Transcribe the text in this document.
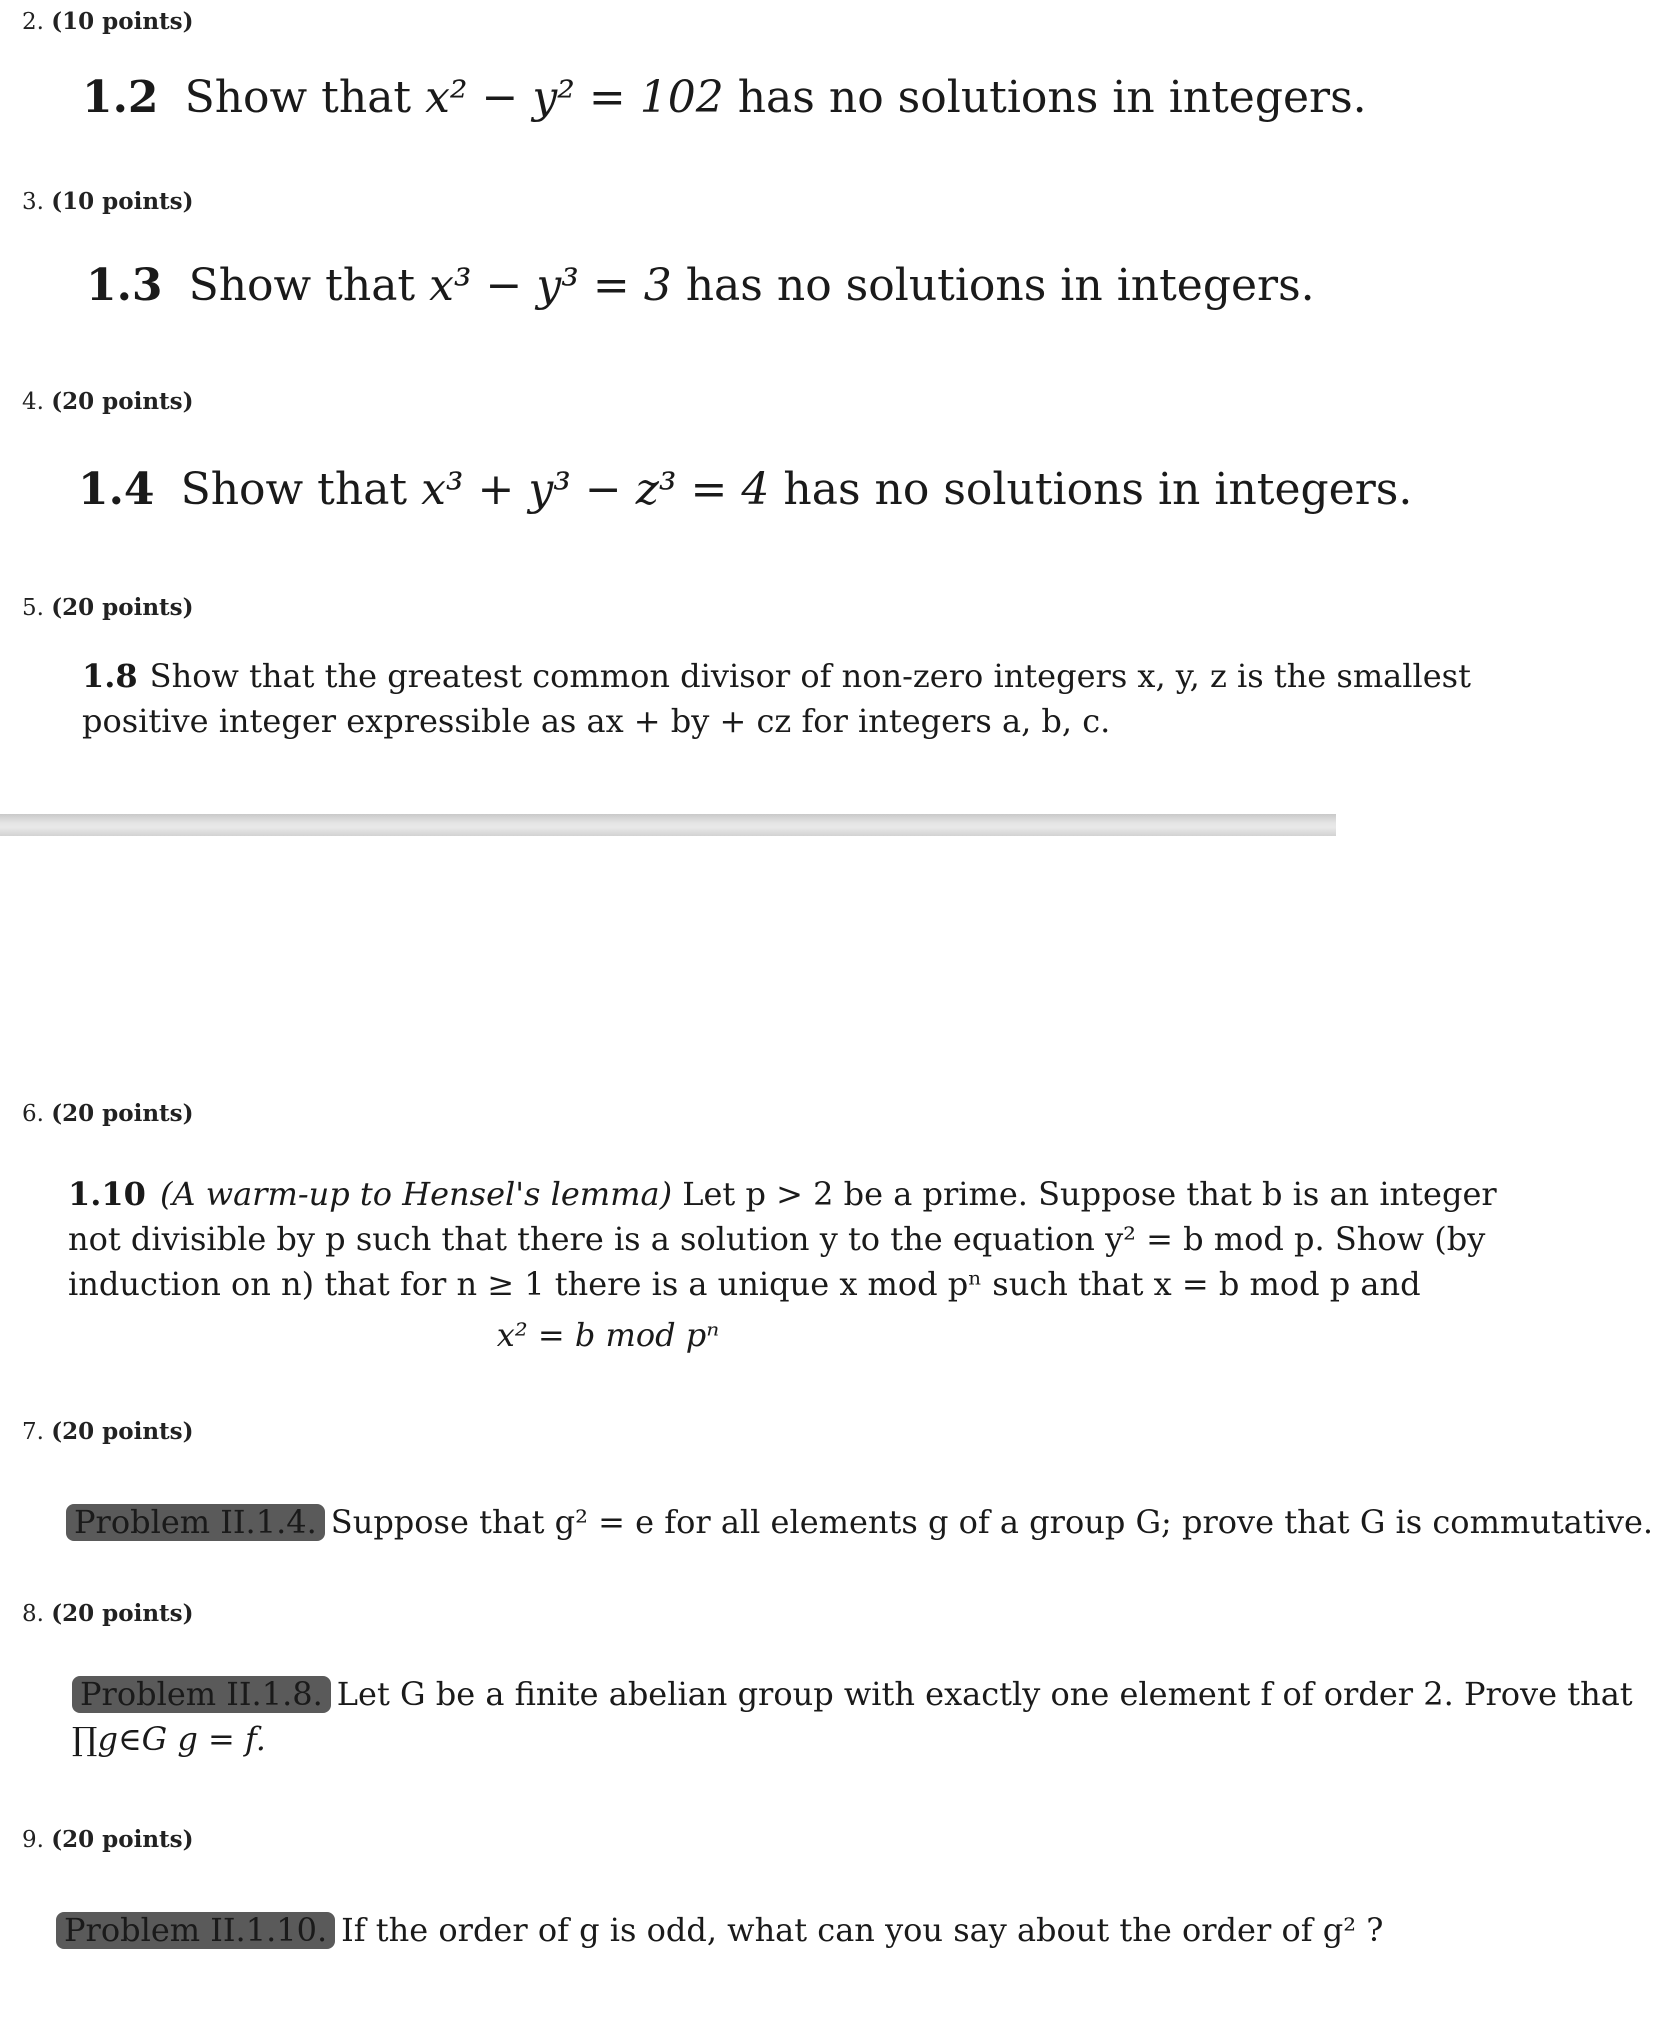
2. (10 points)
1.2 Show that x² − y² = 102 has no solutions in integers.
3. (10 points)
1.3 Show that x³ − y³ = 3 has no solutions in integers.
4. (20 points)
1.4 Show that x³ + y³ − z³ = 4 has no solutions in integers.
5. (20 points)
1.8 Show that the greatest common divisor of non-zero integers x, y, z is the smallest
positive integer expressible as ax + by + cz for integers a, b, c.
6. (20 points)
1.10 (A warm-up to Hensel's lemma) Let p > 2 be a prime. Suppose that b is an integer
not divisible by p such that there is a solution y to the equation y² = b mod p. Show (by
induction on n) that for n ≥ 1 there is a unique x mod pⁿ such that x = b mod p and
x² = b mod pⁿ
7. (20 points)
Problem II.1.4. Suppose that g² = e for all elements g of a group G; prove that G is commutative.
8. (20 points)
Problem II.1.8. Let G be a finite abelian group with exactly one element f of order 2. Prove that
∏g∈G g = f.
9. (20 points)
Problem II.1.10. If the order of g is odd, what can you say about the order of g² ?
